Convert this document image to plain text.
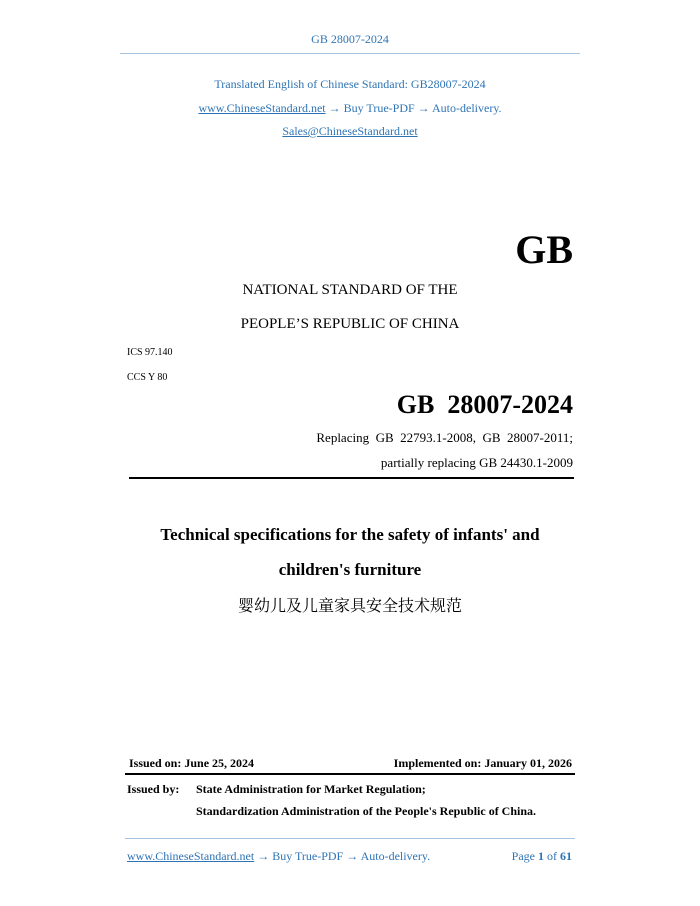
GB 28007-2024
Translated English of Chinese Standard: GB28007-2024
www.ChineseStandard.net → Buy True-PDF → Auto-delivery.
Sales@ChineseStandard.net
GB
NATIONAL STANDARD OF THE
PEOPLE’S REPUBLIC OF CHINA
ICS 97.140
CCS Y 80
GB  28007-2024
Replacing  GB  22793.1-2008,  GB  28007-2011;
partially replacing GB 24430.1-2009
Technical specifications for the safety of infants' and
children's furniture
婴幼儿及儿童家具安全技术规范
Issued on: June 25, 2024	Implemented on: January 01, 2026
Issued by: State Administration for Market Regulation;
Standardization Administration of the People's Republic of China.
www.ChineseStandard.net → Buy True-PDF → Auto-delivery.	Page 1 of 61
